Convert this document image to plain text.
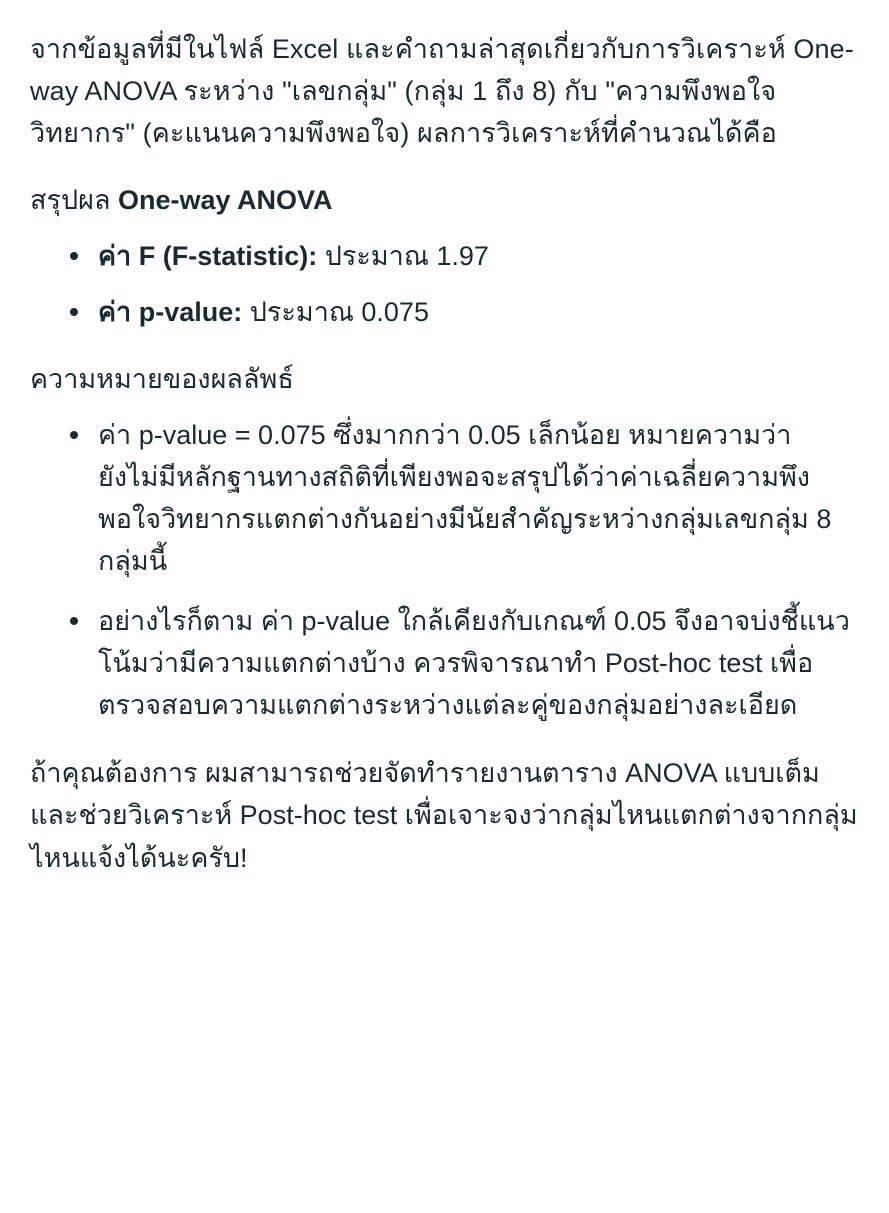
จากข้อมูลที่มีในไฟล์ Excel และคำถามล่าสุดเกี่ยวกับการวิเคราะห์ One-way ANOVA ระหว่าง "เลขกลุ่ม" (กลุ่ม 1 ถึง 8) กับ "ความพึงพอใจวิทยากร" (คะแนนความพึงพอใจ) ผลการวิเคราะห์ที่คำนวณได้คือ

สรุปผล One-way ANOVA
ค่า F (F-statistic): ประมาณ 1.97
ค่า p-value: ประมาณ 0.075
ความหมายของผลลัพธ์
ค่า p-value = 0.075 ซึ่งมากกว่า 0.05 เล็กน้อย หมายความว่า
ยังไม่มีหลักฐานทางสถิติที่เพียงพอจะสรุปได้ว่าค่าเฉลี่ยความพึงพอใจวิทยากรแตกต่างกันอย่างมีนัยสำคัญระหว่างกลุ่มเลขกลุ่ม 8 กลุ่มนี้
อย่างไรก็ตาม ค่า p-value ใกล้เคียงกับเกณฑ์ 0.05 จึงอาจบ่งชี้แนวโน้มว่ามีความแตกต่างบ้าง ควรพิจารณาทำ Post-hoc test เพื่อตรวจสอบความแตกต่างระหว่างแต่ละคู่ของกลุ่มอย่างละเอียด

ถ้าคุณต้องการ ผมสามารถช่วยจัดทำรายงานตาราง ANOVA แบบเต็ม และช่วยวิเคราะห์ Post-hoc test เพื่อเจาะจงว่ากลุ่มไหนแตกต่างจากกลุ่มไหนแจ้งได้นะครับ!
